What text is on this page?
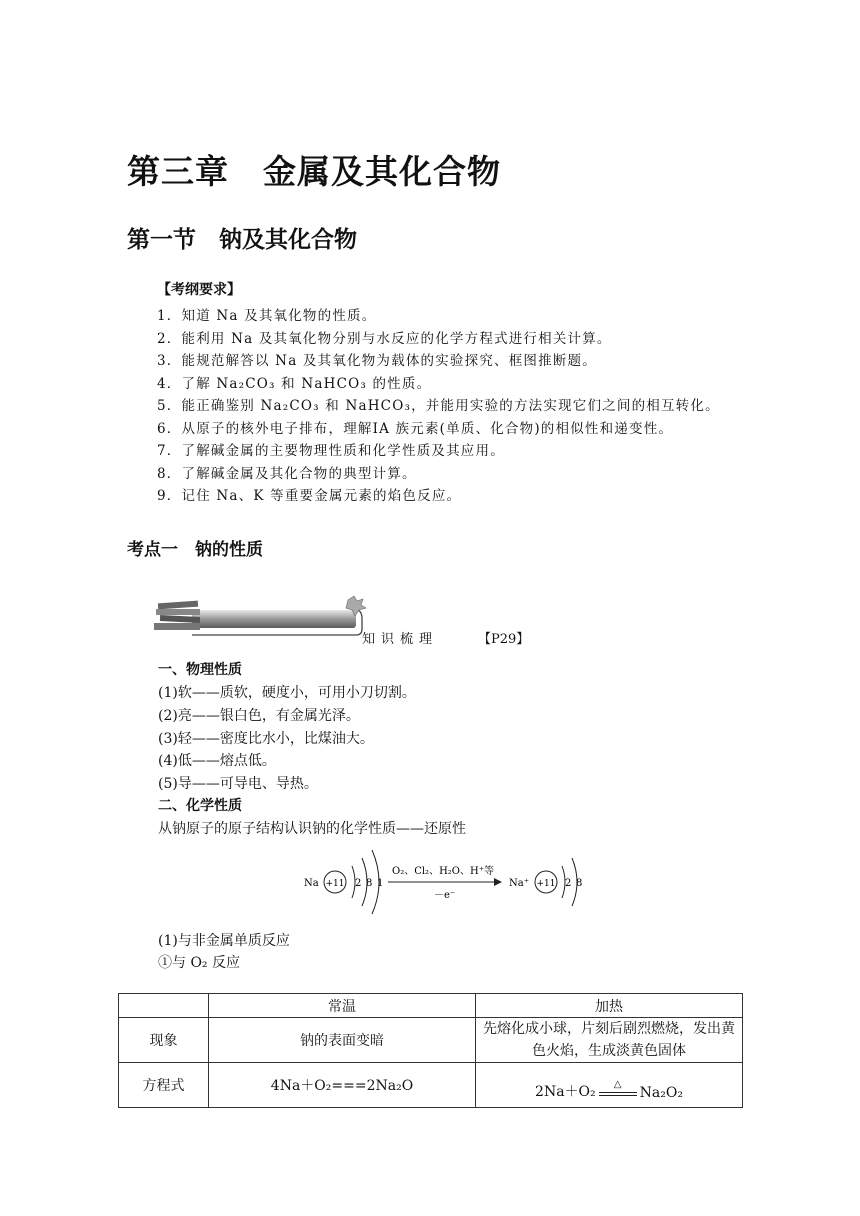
第三章　金属及其化合物
第一节　钠及其化合物
【考纲要求】
1．知道 Na 及其氧化物的性质。
2．能利用 Na 及其氧化物分别与水反应的化学方程式进行相关计算。
3．能规范解答以 Na 及其氧化物为载体的实验探究、框图推断题。
4．了解 Na₂CO₃ 和 NaHCO₃ 的性质。
5．能正确鉴别 Na₂CO₃ 和 NaHCO₃，并能用实验的方法实现它们之间的相互转化。
6．从原子的核外电子排布，理解ⅠA 族元素(单质、化合物)的相似性和递变性。
7．了解碱金属的主要物理性质和化学性质及其应用。
8．了解碱金属及其化合物的典型计算。
9．记住 Na、K 等重要金属元素的焰色反应。
考点一　钠的性质
知识梳理	【P29】
一、物理性质
(1)软——质软，硬度小，可用小刀切割。
(2)亮——银白色，有金属光泽。
(3)轻——密度比水小，比煤油大。
(4)低——熔点低。
(5)导——可导电、导热。
二、化学性质
从钠原子的原子结构认识钠的化学性质——还原性
Na +11 2 8 1
O₂、Cl₂、H₂O、H⁺等
－e⁻
Na⁺ +11 2 8
(1)与非金属单质反应
①与 O₂ 反应
	常温	加热
现象	钠的表面变暗	先熔化成小球，片刻后剧烈燃烧，发出黄色火焰，生成淡黄色固体
方程式	4Na＋O₂===2Na₂O	2Na＋O₂ △
Na₂O₂
